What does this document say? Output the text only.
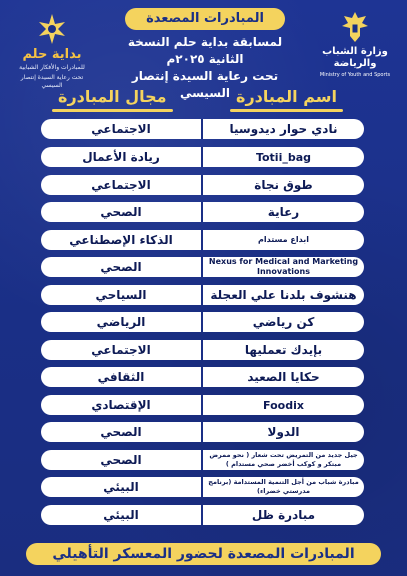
بداية حلم
للمبادرات والأفكار الشبابية
تحت رعاية السيدة إنتصار السيسي
المبادرات المصعدة
لمسابقة بداية حلم النسخة الثانية ٢٠٢٥م
تحت رعاية السيدة إنتصار السيسي
وزارة الشباب والرياضة
Ministry of Youth and Sports
مجال المبادرة	اسم المبادرة
الاجتماعي	نادي حوار ديدوسيا
ريادة الأعمال	Totii_bag
الاجتماعي	طوق نجاة
الصحي	رعاية
الذكاء الإصطناعي	ابداع مستدام
الصحي	Nexus for Medical and Marketing Innovations
السياحي	هنشوف بلدنا علي العجلة
الرياضي	كن رياضي
الاجتماعي	بإيدك تعمليها
الثقافي	حكايا الصعيد
الإقتصادي	Foodix
الصحي	الدولا
الصحي	جيل جديد من التمريض تحت شعار ( نحو ممرض مبتكر و كوكب أخضر صحي مستدام )
البيئي	مبادرة شباب من أجل التنمية المستدامة (برنامج مدرستي خضراء)
البيئي	مبادرة ظل
المبادرات المصعدة لحضور المعسكر التأهيلي
